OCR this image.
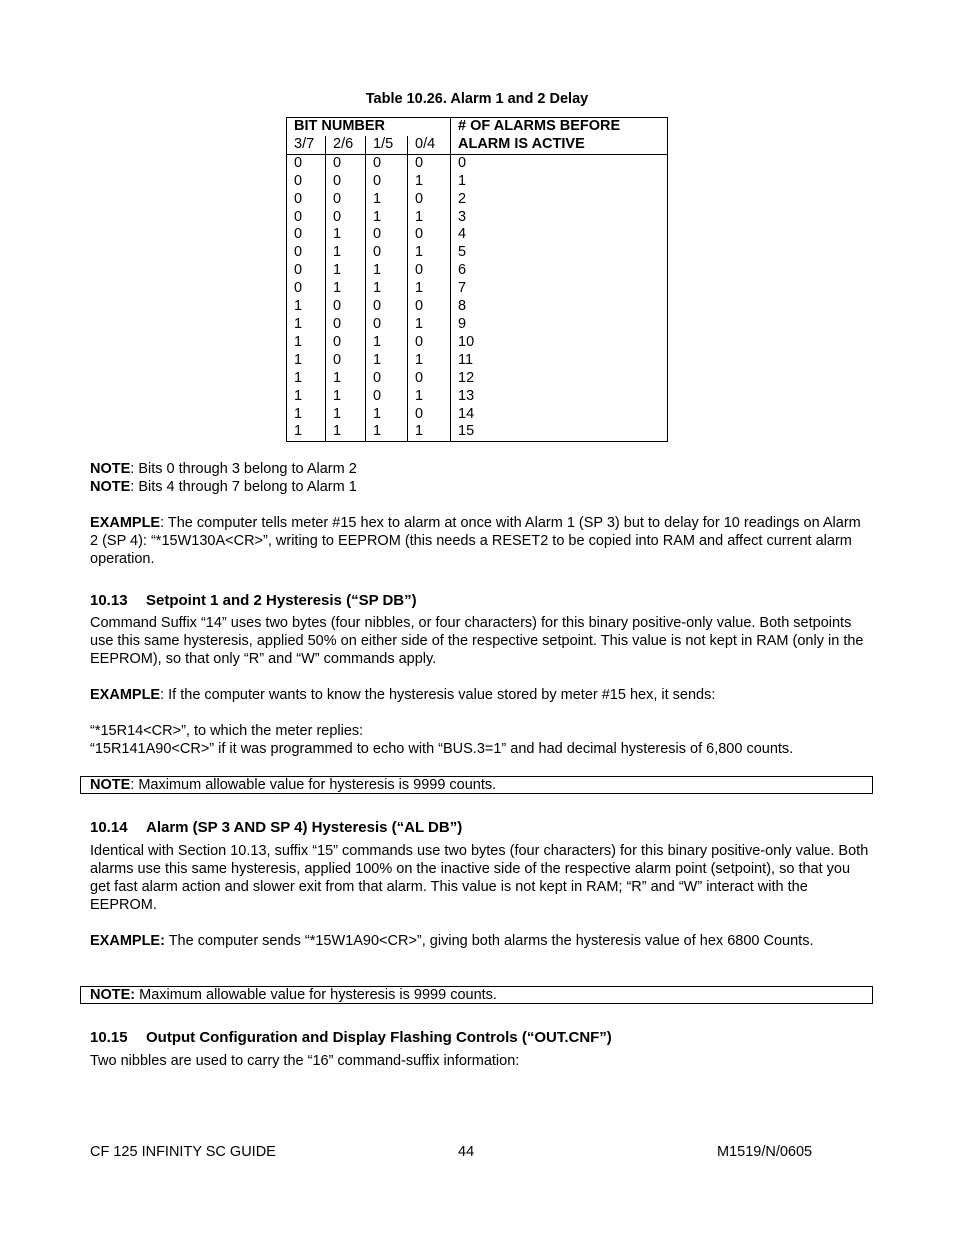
Table 10.26. Alarm 1 and 2 Delay
BIT NUMBER				# OF ALARMS BEFORE
3/7	2/6	1/5	0/4	ALARM IS ACTIVE
0	0	0	0	0
0	0	0	1	1
0	0	1	0	2
0	0	1	1	3
0	1	0	0	4
0	1	0	1	5
0	1	1	0	6
0	1	1	1	7
1	0	0	0	8
1	0	0	1	9
1	0	1	0	10
1	0	1	1	11
1	1	0	0	12
1	1	0	1	13
1	1	1	0	14
1	1	1	1	15
NOTE: Bits 0 through 3 belong to Alarm 2
NOTE: Bits 4 through 7 belong to Alarm 1
EXAMPLE: The computer tells meter #15 hex to alarm at once with Alarm 1 (SP 3) but to delay for 10 readings on Alarm 2 (SP 4): “*15W130A<CR>”, writing to EEPROM (this needs a RESET2 to be copied into RAM and affect current alarm operation.
10.13 Setpoint 1 and 2 Hysteresis (“SP DB”)
Command Suffix “14” uses two bytes (four nibbles, or four characters) for this binary positive-only value. Both setpoints use this same hysteresis, applied 50% on either side of the respective setpoint. This value is not kept in RAM (only in the EEPROM), so that only “R” and “W” commands apply.
EXAMPLE: If the computer wants to know the hysteresis value stored by meter #15 hex, it sends:
“*15R14<CR>”, to which the meter replies:
“15R141A90<CR>” if it was programmed to echo with “BUS.3=1” and had decimal hysteresis of 6,800 counts.
NOTE: Maximum allowable value for hysteresis is 9999 counts.
10.14 Alarm (SP 3 AND SP 4) Hysteresis (“AL DB”)
Identical with Section 10.13, suffix “15” commands use two bytes (four characters) for this binary positive-only value. Both alarms use this same hysteresis, applied 100% on the inactive side of the respective alarm point (setpoint), so that you get fast alarm action and slower exit from that alarm. This value is not kept in RAM; “R” and “W” interact with the EEPROM.
EXAMPLE: The computer sends “*15W1A90<CR>”, giving both alarms the hysteresis value of hex 6800 Counts.
NOTE: Maximum allowable value for hysteresis is 9999 counts.
10.15 Output Configuration and Display Flashing Controls (“OUT.CNF”)
Two nibbles are used to carry the “16” command-suffix information:
CF 125 INFINITY SC GUIDE	44	M1519/N/0605
